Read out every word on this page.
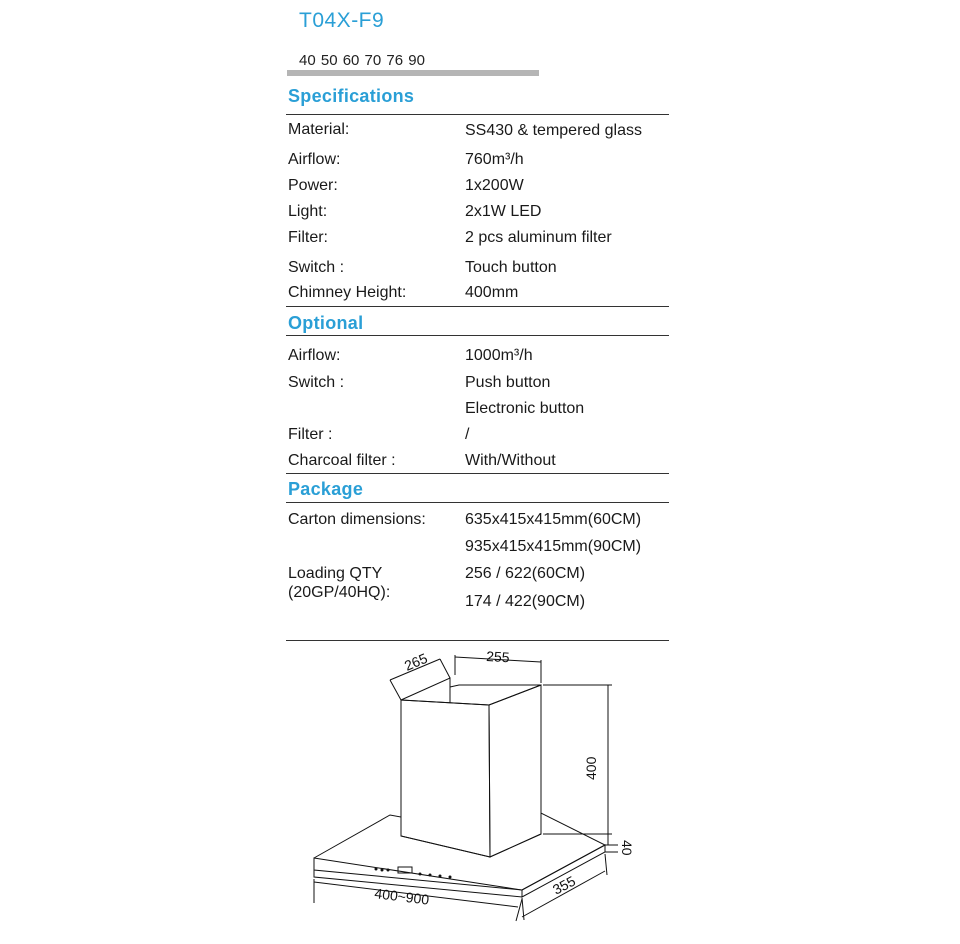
T04X-F9
40 50 60 70 76 90
Specifications
Material:	SS430 & tempered glass
Airflow:	760m³/h
Power:	1x200W
Light:	2x1W LED
Filter:	2 pcs aluminum filter
Switch :	Touch button
Chimney Height:	400mm
Optional
Airflow:	1000m³/h
Switch :	Push button
Electronic button
Filter :	/
Charcoal filter :	With/Without
Package
Carton dimensions: 635x415x415mm(60CM)
935x415x415mm(90CM)
Loading QTY
(20GP/40HQ):
256 / 622(60CM)
174 / 422(90CM)
265	255
400
40
355
400~900
